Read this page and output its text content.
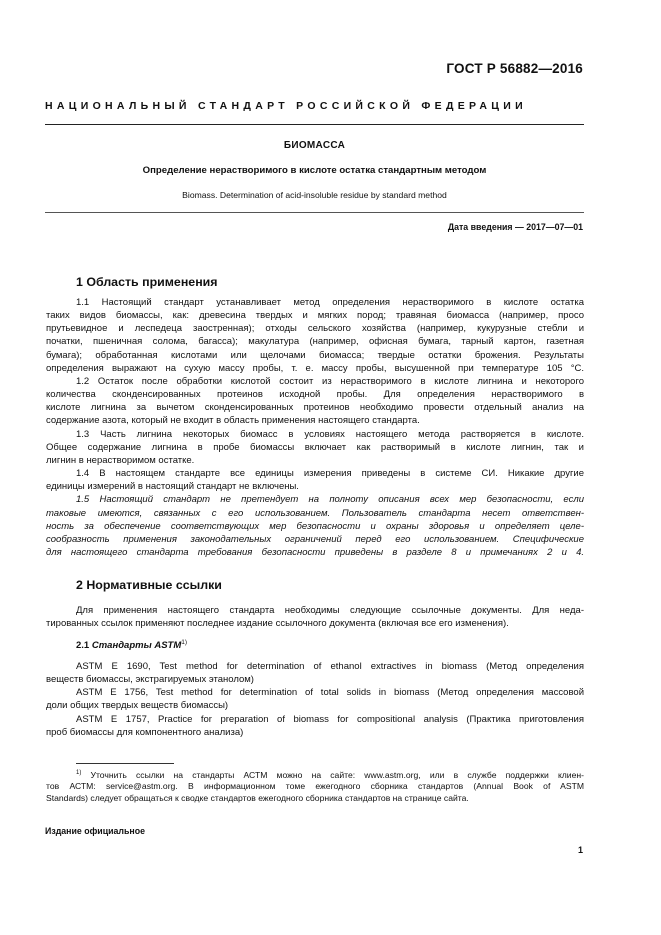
ГОСТ Р 56882—2016
НАЦИОНАЛЬНЫЙ СТАНДАРТ РОССИЙСКОЙ ФЕДЕРАЦИИ
БИОМАССА
Определение нерастворимого в кислоте остатка стандартным методом
Biomass. Determination of acid-insoluble residue by standard method
Дата введения — 2017—07—01
1 Область применения
1.1 Настоящий стандарт устанавливает метод определения нерастворимого в кислоте остатка
таких видов биомассы, как: древесина твердых и мягких пород; травяная биомасса (например, просо
прутьевидное и леспедеца заостренная); отходы сельского хозяйства (например, кукурузные стебли и
початки, пшеничная солома, багасса); макулатура (например, офисная бумага, тарный картон, газетная
бумага); обработанная кислотами или щелочами биомасса; твердые остатки брожения. Результаты
определения выражают на сухую массу пробы, т. е. массу пробы, высушенной при температуре 105 °С.
1.2 Остаток после обработки кислотой состоит из нерастворимого в кислоте лигнина и некоторого
количества сконденсированных протеинов исходной пробы. Для определения нерастворимого в
кислоте лигнина за вычетом сконденсированных протеинов необходимо провести отдельный анализ на
содержание азота, который не входит в область применения настоящего стандарта.
1.3 Часть лигнина некоторых биомасс в условиях настоящего метода растворяется в кислоте.
Общее содержание лигнина в пробе биомассы включает как растворимый в кислоте лигнин, так и
лигнин в нерастворимом остатке.
1.4 В настоящем стандарте все единицы измерения приведены в системе СИ. Никакие другие
единицы измерений в настоящий стандарт не включены.
1.5 Настоящий стандарт не претендует на полноту описания всех мер безопасности, если
таковые имеются, связанных с его использованием. Пользователь стандарта несет ответствен-
ность за обеспечение соответствующих мер безопасности и охраны здоровья и определяет целе-
сообразность применения законодательных ограничений перед его использованием. Специфические
для настоящего стандарта требования безопасности приведены в разделе 8 и примечаниях 2 и 4.
2 Нормативные ссылки
Для применения настоящего стандарта необходимы следующие ссылочные документы. Для недa-
тированных ссылок применяют последнее издание ссылочного документа (включая все его изменения).
2.1 Стандарты ASTM$^{1)}$
ASTM E 1690, Test method for determination of ethanol extractives in biomass (Метод определения
веществ биомассы, экстрагируемых этанолом)
ASTM E 1756, Test method for determination of total solids in biomass (Метод определения массовой
доли общих твердых веществ биомассы)
ASTM E 1757, Practice for preparation of biomass for compositional analysis (Практика приготовления
проб биомассы для компонентного анализа)
$^{1)}$ Уточнить ссылки на стандарты АСТМ можно на сайте: www.astm.org, или в службе поддержки клиен-
тов АСТМ: service@astm.org. В информационном томе ежегодного сборника стандартов (Annual Book of ASTM
Standards) следует обращаться к сводке стандартов ежегодного сборника стандартов на странице сайта.
Издание официальное
1
